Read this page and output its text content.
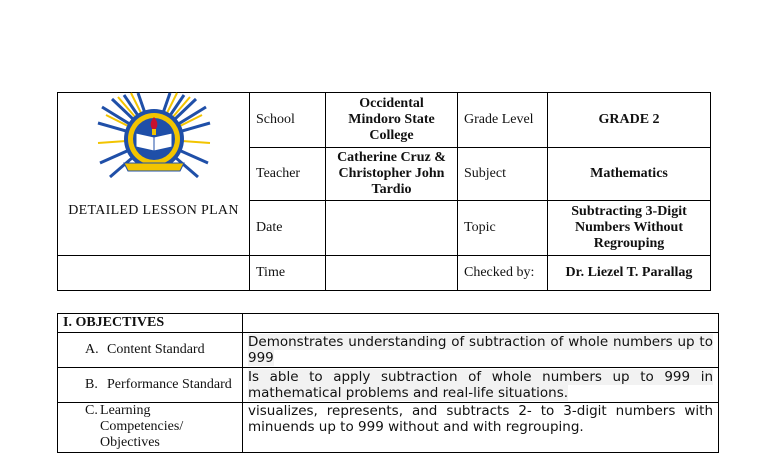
DETAILED LESSON PLAN	School	Occidental Mindoro State College	Grade Level	GRADE 2
	Teacher	Catherine Cruz & Christopher John Tardio	Subject	Mathematics
	Date		Topic	Subtracting 3-Digit Numbers Without Regrouping
	Time		Checked by:	Dr. Liezel T. Parallag
I. OBJECTIVES	

A. Content Standard	Demonstrates understanding of subtraction of whole numbers up to 999

B. Performance Standard	Is able to apply subtraction of whole numbers up to 999 in mathematical problems and real-life situations.

C. Learning Competencies/ Objectives	visualizes, represents, and subtracts 2- to 3-digit numbers with minuends up to 999 without and with regrouping.
